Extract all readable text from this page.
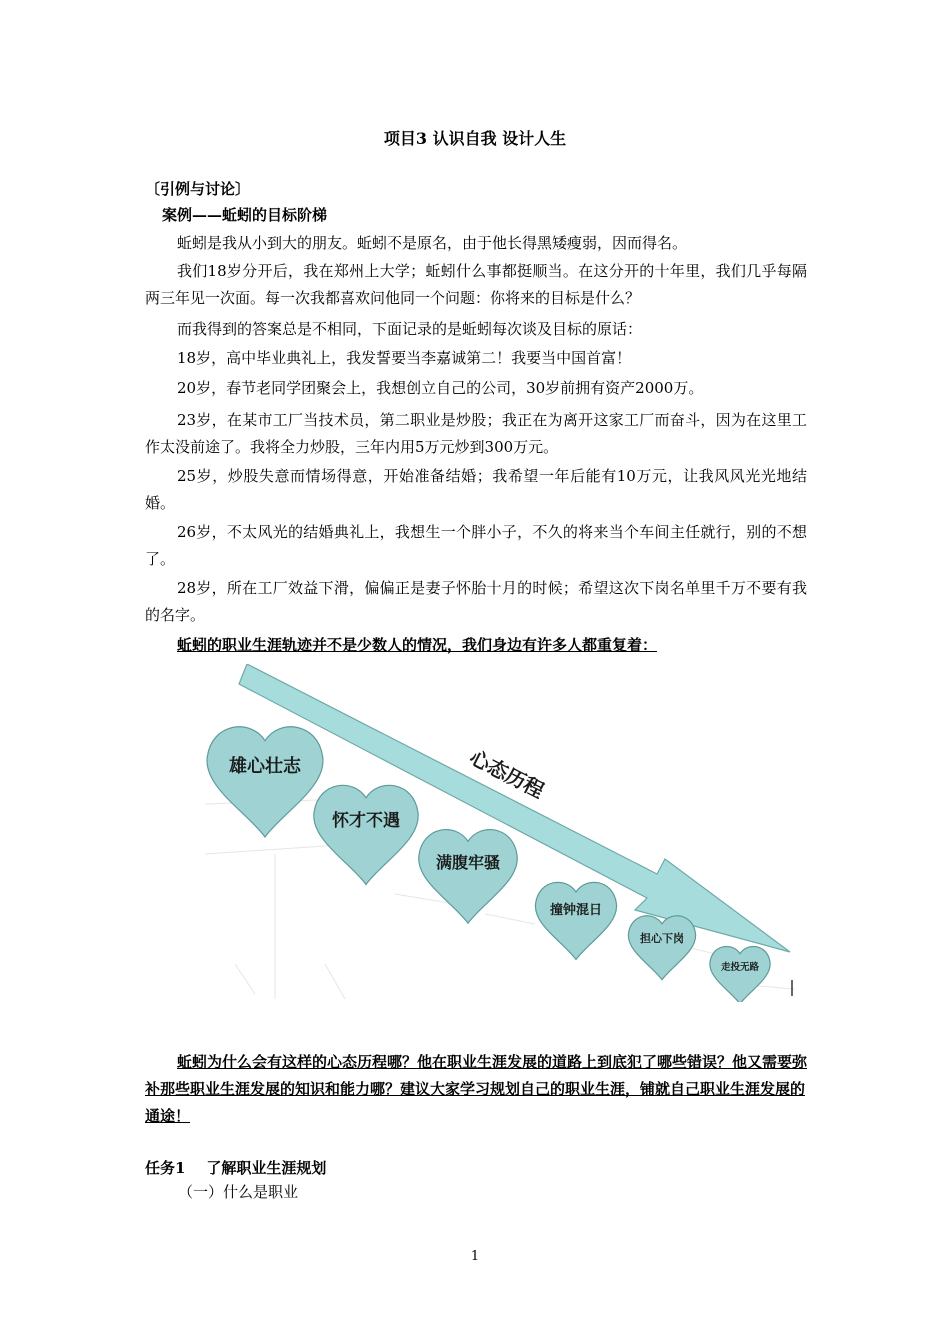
项目3 认识自我 设计人生
〔引例与讨论〕
案例——蚯蚓的目标阶梯
蚯蚓是我从小到大的朋友。蚯蚓不是原名，由于他长得黑矮瘦弱，因而得名。
我们18岁分开后，我在郑州上大学；蚯蚓什么事都挺顺当。在这分开的十年里，我们几乎每隔两三年见一次面。每一次我都喜欢问他同一个问题：你将来的目标是什么？
而我得到的答案总是不相同，下面记录的是蚯蚓每次谈及目标的原话：
18岁，高中毕业典礼上，我发誓要当李嘉诚第二！我要当中国首富！
20岁，春节老同学团聚会上，我想创立自己的公司，30岁前拥有资产2000万。
23岁，在某市工厂当技术员，第二职业是炒股；我正在为离开这家工厂而奋斗，因为在这里工作太没前途了。我将全力炒股，三年内用5万元炒到300万元。
25岁，炒股失意而情场得意，开始准备结婚；我希望一年后能有10万元，让我风风光光地结婚。
26岁，不太风光的结婚典礼上，我想生一个胖小子，不久的将来当个车间主任就行，别的不想了。
28岁，所在工厂效益下滑，偏偏正是妻子怀胎十月的时候；希望这次下岗名单里千万不要有我的名字。
蚯蚓的职业生涯轨迹并不是少数人的情况，我们身边有许多人都重复着：
心态历程
雄心壮志
怀才不遇
满腹牢骚
撞钟混日
担心下岗
走投无路
蚯蚓为什么会有这样的心态历程哪？他在职业生涯发展的道路上到底犯了哪些错误？他又需要弥补那些职业生涯发展的知识和能力哪？建议大家学习规划自己的职业生涯，铺就自己职业生涯发展的通途！
任务1    了解职业生涯规划
（一）什么是职业
1
